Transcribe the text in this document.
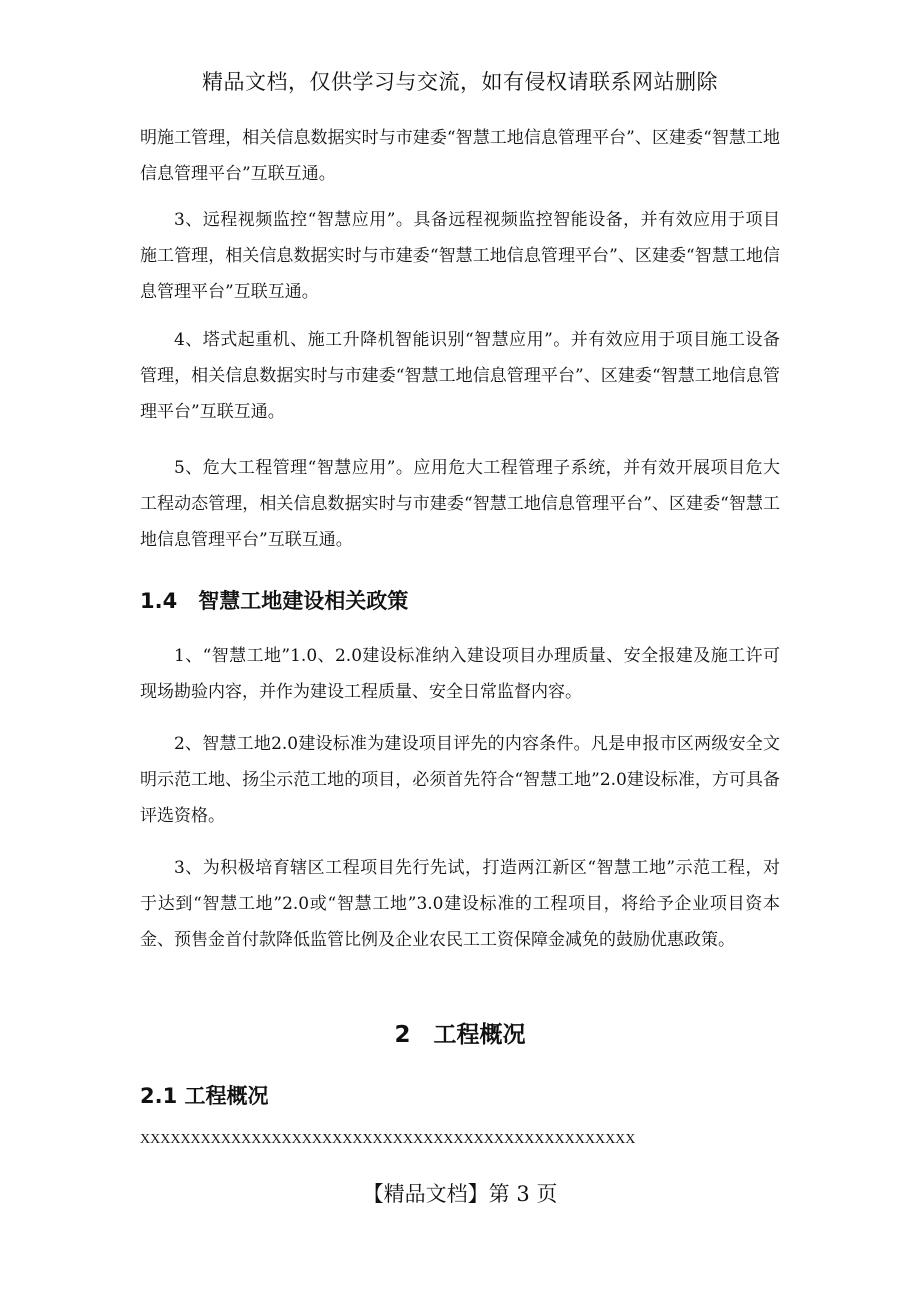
精品文档，仅供学习与交流，如有侵权请联系网站删除

明施工管理，相关信息数据实时与市建委“智慧工地信息管理平台”、区建委“智慧工地信息管理平台”互联互通。

3、远程视频监控“智慧应用”。具备远程视频监控智能设备，并有效应用于项目施工管理，相关信息数据实时与市建委“智慧工地信息管理平台”、区建委“智慧工地信息管理平台”互联互通。

4、塔式起重机、施工升降机智能识别“智慧应用”。并有效应用于项目施工设备管理，相关信息数据实时与市建委“智慧工地信息管理平台”、区建委“智慧工地信息管理平台”互联互通。

5、危大工程管理“智慧应用”。应用危大工程管理子系统，并有效开展项目危大工程动态管理，相关信息数据实时与市建委“智慧工地信息管理平台”、区建委“智慧工地信息管理平台”互联互通。

1.4　智慧工地建设相关政策

1、“智慧工地”1.0、2.0建设标准纳入建设项目办理质量、安全报建及施工许可现场勘验内容，并作为建设工程质量、安全日常监督内容。

2、智慧工地2.0建设标准为建设项目评先的内容条件。凡是申报市区两级安全文明示范工地、扬尘示范工地的项目，必须首先符合“智慧工地”2.0建设标准，方可具备评选资格。

3、为积极培育辖区工程项目先行先试，打造两江新区“智慧工地”示范工程，对于达到“智慧工地”2.0或“智慧工地”3.0建设标准的工程项目，将给予企业项目资本金、预售金首付款降低监管比例及企业农民工工资保障金减免的鼓励优惠政策。

2　工程概况
2.1 工程概况
XXXXXXXXXXXXXXXXXXXXXXXXXXXXXXXXXXXXXXXXXXXXXXXXX
【精品文档】第 3 页
